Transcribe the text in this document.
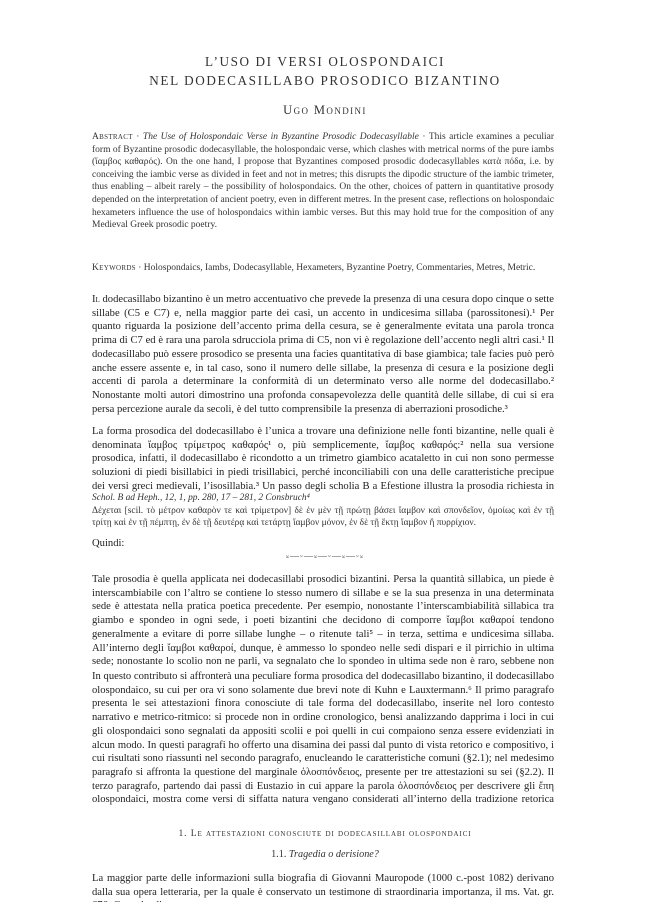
L’USO DI VERSI OLOSPONDAICI
NEL DODECASILLABO PROSODICO BIZANTINO
Ugo Mondini
Abstract · The Use of Holospondaic Verse in Byzantine Prosodic Dodecasyllable · This article examines a peculiar form of Byzantine prosodic dodecasyllable, the holospondaic verse, which clashes with metrical norms of the pure iambs (ἴαμβος καθαρός). On the one hand, I propose that Byzantines composed prosodic dodecasyllables κατὰ πόδα, i.e. by conceiving the iambic verse as divided in feet and not in metres; this disrupts the dipodic structure of the iambic trimeter, thus enabling – albeit rarely – the possibility of holospondaics. On the other, choices of pattern in quantitative prosody depended on the interpretation of ancient poetry, even in different metres. In the present case, reflections on holospondaic hexameters influence the use of holospondaics within iambic verses. But this may hold true for the composition of any Medieval Greek prosodic poetry.
Keywords · Holospondaics, Iambs, Dodecasyllable, Hexameters, Byzantine Poetry, Commentaries, Metres, Metric.
Il dodecasillabo bizantino è un metro accentuativo che prevede la presenza di una cesura dopo cinque o sette sillabe (C5 e C7) e, nella maggior parte dei casi, un accento in undicesima sillaba (parossitonesi).¹ Per quanto riguarda la posizione dell’accento prima della cesura, se è generalmente evitata una parola tronca prima di C7 ed è rara una parola sdrucciola prima di C5, non vi è regolazione dell’accento negli altri casi.¹ Il dodecasillabo può essere prosodico se presenta una facies quantitativa di base giambica; tale facies può però anche essere assente e, in tal caso, sono il numero delle sillabe, la presenza di cesura e la posizione degli accenti di parola a determinare la conformità di un determinato verso alle norme del dodecasillabo.² Nonostante molti autori dimostrino una profonda consapevolezza delle quantità delle sillabe, di cui si era persa percezione aurale da secoli, è del tutto comprensibile la presenza di aberrazioni prosodiche.³
La forma prosodica del dodecasillabo è l’unica a trovare una definizione nelle fonti bizantine, nelle quali è denominata ἴαμβος τρίμετρος καθαρός¹ o, più semplicemente, ἴαμβος καθαρός:² nella sua versione prosodica, infatti, il dodecasillabo è ricondotto a un trimetro giambico acataletto in cui non sono permesse soluzioni di piedi bisillabici in piedi trisillabici, perché inconciliabili con una delle caratteristiche precipue dei versi greci medievali, l’isosillabia.³ Un passo degli scholia B a Efestione illustra la prosodia richiesta in
Schol. B ad Heph., 12, 1, pp. 280, 17 – 281, 2 Consbruch⁴
Δέχεται [scil. τὸ μέτρον καθαρὸν τε καὶ τρίμετρον] δὲ ἐν μὲν τῇ πρώτῃ βάσει ἴαμβον καὶ σπονδεῖον, ὁμοίως καὶ ἐν τῇ τρίτῃ καὶ ἐν τῇ πέμπτῃ, ἐν δὲ τῇ δευτέρᾳ καὶ τετάρτῃ ἴαμβον μόνον, ἐν δὲ τῇ ἕκτῃ ἴαμβον ἢ πυρρίχιον.
Quindi:
⏓—⏑—⏓—⏑—⏓—⏑⏓
Tale prosodia è quella applicata nei dodecasillabi prosodici bizantini. Persa la quantità sillabica, un piede è interscambiabile con l’altro se contiene lo stesso numero di sillabe e se la sua presenza in una determinata sede è attestata nella pratica poetica precedente. Per esempio, nonostante l’interscambiabilità sillabica tra giambo e spondeo in ogni sede, i poeti bizantini che decidono di comporre ἴαμβοι καθαροί tendono generalmente a evitare di porre sillabe lunghe – o ritenute tali⁵ – in terza, settima e undicesima sillaba. All’interno degli ἴαμβοι καθαροί, dunque, è ammesso lo spondeo nelle sedi dispari e il pirrichio in ultima sede; nonostante lo scolio non ne parli, va segnalato che lo spondeo in ultima sede non è raro, sebbene non
In questo contributo si affronterà una peculiare forma prosodica del dodecasillabo bizantino, il dodecasillabo olospondaico, su cui per ora vi sono solamente due brevi note di Kuhn e Lauxtermann.⁶ Il primo paragrafo presenta le sei attestazioni finora conosciute di tale forma del dodecasillabo, inserite nel loro contesto narrativo e metrico-ritmico: si procede non in ordine cronologico, bensì analizzando dapprima i loci in cui gli olospondaici sono segnalati da appositi scolii e poi quelli in cui compaiono senza essere evidenziati in alcun modo. In questi paragrafi ho offerto una disamina dei passi dal punto di vista retorico e compositivo, i cui risultati sono riassunti nel secondo paragrafo, enucleando le caratteristiche comuni (§2.1); nel medesimo paragrafo si affronta la questione del marginale ὁλοσπόνδειος, presente per tre attestazioni su sei (§2.2). Il terzo paragrafo, partendo dai passi di Eustazio in cui appare la parola ὁλοσπόνδειος per descrivere gli ἔπη olospondaici, mostra come versi di siffatta natura vengano considerati all’interno della tradizione retorica
1. Le attestazioni conosciute di dodecasillabi olospondaici
1.1. Tragedia o derisione?
La maggior parte delle informazioni sulla biografia di Giovanni Mauropode (1000 c.-post 1082) derivano dalla sua opera letteraria, per la quale è conservato un testimone di straordinaria importanza, il ms. Vat. gr.
